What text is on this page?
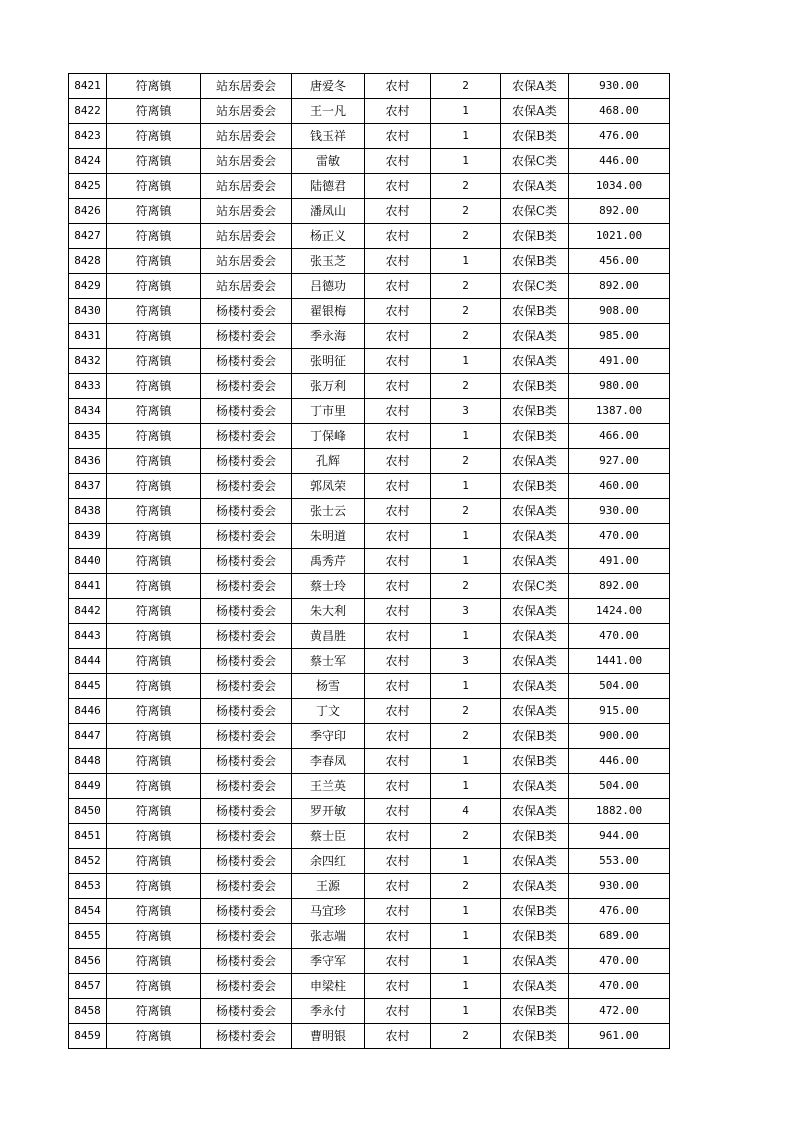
8421	符离镇	站东居委会	唐爱冬	农村	2	农保A类	930.00
8422	符离镇	站东居委会	王一凡	农村	1	农保A类	468.00
8423	符离镇	站东居委会	钱玉祥	农村	1	农保B类	476.00
8424	符离镇	站东居委会	雷敏	农村	1	农保C类	446.00
8425	符离镇	站东居委会	陆德君	农村	2	农保A类	1034.00
8426	符离镇	站东居委会	潘凤山	农村	2	农保C类	892.00
8427	符离镇	站东居委会	杨正义	农村	2	农保B类	1021.00
8428	符离镇	站东居委会	张玉芝	农村	1	农保B类	456.00
8429	符离镇	站东居委会	吕德功	农村	2	农保C类	892.00
8430	符离镇	杨楼村委会	翟银梅	农村	2	农保B类	908.00
8431	符离镇	杨楼村委会	季永海	农村	2	农保A类	985.00
8432	符离镇	杨楼村委会	张明征	农村	1	农保A类	491.00
8433	符离镇	杨楼村委会	张万利	农村	2	农保B类	980.00
8434	符离镇	杨楼村委会	丁市里	农村	3	农保B类	1387.00
8435	符离镇	杨楼村委会	丁保峰	农村	1	农保B类	466.00
8436	符离镇	杨楼村委会	孔辉	农村	2	农保A类	927.00
8437	符离镇	杨楼村委会	郭凤荣	农村	1	农保B类	460.00
8438	符离镇	杨楼村委会	张士云	农村	2	农保A类	930.00
8439	符离镇	杨楼村委会	朱明道	农村	1	农保A类	470.00
8440	符离镇	杨楼村委会	禹秀芹	农村	1	农保A类	491.00
8441	符离镇	杨楼村委会	蔡士玲	农村	2	农保C类	892.00
8442	符离镇	杨楼村委会	朱大利	农村	3	农保A类	1424.00
8443	符离镇	杨楼村委会	黄昌胜	农村	1	农保A类	470.00
8444	符离镇	杨楼村委会	蔡士军	农村	3	农保A类	1441.00
8445	符离镇	杨楼村委会	杨雪	农村	1	农保A类	504.00
8446	符离镇	杨楼村委会	丁文	农村	2	农保A类	915.00
8447	符离镇	杨楼村委会	季守印	农村	2	农保B类	900.00
8448	符离镇	杨楼村委会	李春凤	农村	1	农保B类	446.00
8449	符离镇	杨楼村委会	王兰英	农村	1	农保A类	504.00
8450	符离镇	杨楼村委会	罗开敏	农村	4	农保A类	1882.00
8451	符离镇	杨楼村委会	蔡士臣	农村	2	农保B类	944.00
8452	符离镇	杨楼村委会	余四红	农村	1	农保A类	553.00
8453	符离镇	杨楼村委会	王源	农村	2	农保A类	930.00
8454	符离镇	杨楼村委会	马宜珍	农村	1	农保B类	476.00
8455	符离镇	杨楼村委会	张志端	农村	1	农保B类	689.00
8456	符离镇	杨楼村委会	季守军	农村	1	农保A类	470.00
8457	符离镇	杨楼村委会	申梁柱	农村	1	农保A类	470.00
8458	符离镇	杨楼村委会	季永付	农村	1	农保B类	472.00
8459	符离镇	杨楼村委会	曹明银	农村	2	农保B类	961.00
